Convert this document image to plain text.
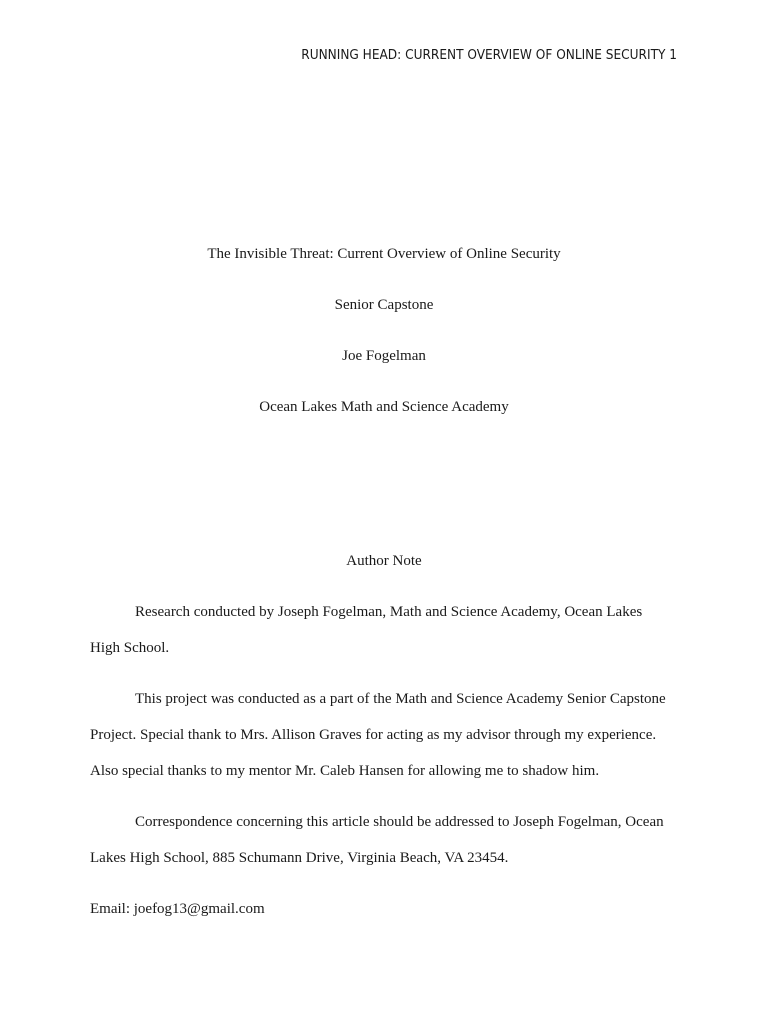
RUNNING HEAD: CURRENT OVERVIEW OF ONLINE SECURITY 1
The Invisible Threat: Current Overview of Online Security
Senior Capstone
Joe Fogelman
Ocean Lakes Math and Science Academy
Author Note
Research conducted by Joseph Fogelman, Math and Science Academy, Ocean Lakes
High School.
This project was conducted as a part of the Math and Science Academy Senior Capstone
Project. Special thank to Mrs. Allison Graves for acting as my advisor through my experience.
Also special thanks to my mentor Mr. Caleb Hansen for allowing me to shadow him.
Correspondence concerning this article should be addressed to Joseph Fogelman, Ocean
Lakes High School, 885 Schumann Drive, Virginia Beach, VA 23454.
Email: joefog13@gmail.com
